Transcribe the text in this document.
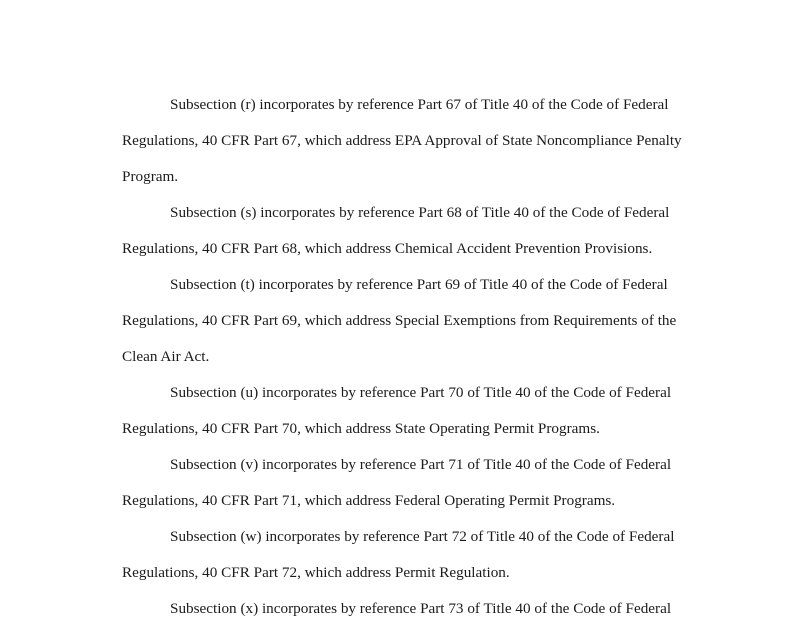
Subsection (r) incorporates by reference Part 67 of Title 40 of the Code of Federal
Regulations, 40 CFR Part 67, which address EPA Approval of State Noncompliance Penalty
Program.
Subsection (s) incorporates by reference Part 68 of Title 40 of the Code of Federal
Regulations, 40 CFR Part 68, which address Chemical Accident Prevention Provisions.
Subsection (t) incorporates by reference Part 69 of Title 40 of the Code of Federal
Regulations, 40 CFR Part 69, which address Special Exemptions from Requirements of the
Clean Air Act.
Subsection (u) incorporates by reference Part 70 of Title 40 of the Code of Federal
Regulations, 40 CFR Part 70, which address State Operating Permit Programs.
Subsection (v) incorporates by reference Part 71 of Title 40 of the Code of Federal
Regulations, 40 CFR Part 71, which address Federal Operating Permit Programs.
Subsection (w) incorporates by reference Part 72 of Title 40 of the Code of Federal
Regulations, 40 CFR Part 72, which address Permit Regulation.
Subsection (x) incorporates by reference Part 73 of Title 40 of the Code of Federal
